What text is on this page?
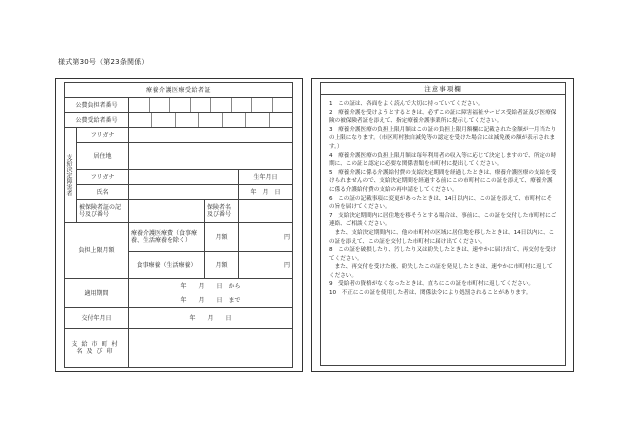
様式第30号（第23条関係）
療養介護医療受給者証				
公費負担者番号				

公費受給者番号				

支給決定障害者	フリガナ			
	居住地			
	フリガナ			生年月日
	氏名			年　月　日
	被保険者証の記号及び番号		保険者名及び番号	
負担上限月額		療養介護医療費（食事療養、生活療養を除く）	月額	円
		食事療養（生活療養）	月額	円
適用期間		年　　月　　日　から
年　　月　　日　まで		

交付年月日		年　　月　　日		
支給市町村名及び印				
注意事項欄

1　この証は、各面をよく読んで大切に持っていてください。

2　療養介護を受けようとするときは、必ずこの証に障害福祉サービス受給者証及び医療保険の被保険者証を添えて、指定療養介護事業所に提示してください。

3　療養介護医療の負担上限月額はこの証の負担上限月額欄に記載された金額が一月当たりの上限になります。（市区町村独自減免等の認定を受けた場合には減免後の額が表示されます。）

4　療養介護医療の負担上限月額は毎年利用者の収入等に応じて決定しますので、所定の時期に、この証と認定に必要な関係書類を市町村に提出してください。

5　療養介護に係る介護給付費の支給決定期間を経過したときは、療養介護医療の支給を受けられませんので、支給決定期間を経過する前にこの市町村にこの証を添えて、療養介護に係る介護給付費の支給の再申請をしてください。

6　この証の記載事項に変更があったときは、14日以内に、この証を添えて、市町村にその旨を届けてください。

7　支給決定期間内に居住地を移そうとする場合は、事前に、この証を交付した市町村にご連絡、ご相談ください。

　また、支給決定期間内に、他の市町村の区域に居住地を移したときは、14日以内に、この証を添えて、この証を交付した市町村に届け出てください。

8　この証を破損したり、汚したり又は紛失したときは、速やかに届け出て、再交付を受けてください。

　また、再交付を受けた後、紛失したこの証を発見したときは、速やかに市町村に返してください。

9　受給者の資格がなくなったときは、直ちにこの証を市町村に返してください。

10　不正にこの証を使用した者は、関係法令により処罰されることがあります。
